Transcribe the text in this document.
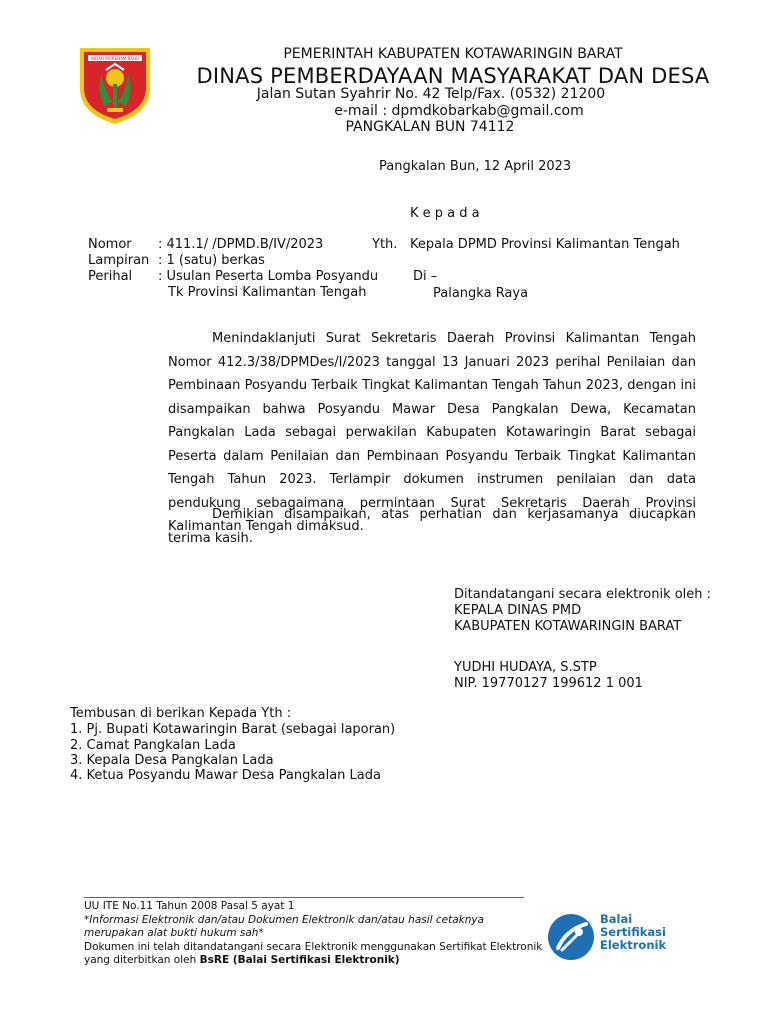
INDAH MORENAM BAHU	PEMERINTAH KABUPATEN KOTAWARINGIN BARAT
DINAS PEMBERDAYAAN MASYARAKAT DAN DESA
Jalan Sutan Syahrir No. 42 Telp/Fax. (0532) 21200
e-mail : dpmdkobarkab@gmail.com
PANGKALAN BUN 74112
Pangkalan Bun, 12 April 2023
K e p a d a
Nomor : 411.1/ /DPMD.B/IV/2023
Lampiran : 1 (satu) berkas
Perihal : Usulan Peserta Lomba Posyandu
Tk Provinsi Kalimantan Tengah
Yth. Kepala DPMD Provinsi Kalimantan Tengah
Di –
Palangka Raya
Menindaklanjuti Surat Sekretaris Daerah Provinsi Kalimantan Tengah Nomor 412.3/38/DPMDes/I/2023 tanggal 13 Januari 2023 perihal Penilaian dan Pembinaan Posyandu Terbaik Tingkat Kalimantan Tengah Tahun 2023, dengan ini disampaikan bahwa Posyandu Mawar Desa Pangkalan Dewa, Kecamatan Pangkalan Lada sebagai perwakilan Kabupaten Kotawaringin Barat sebagai Peserta dalam Penilaian dan Pembinaan Posyandu Terbaik Tingkat Kalimantan Tengah Tahun 2023. Terlampir dokumen instrumen penilaian dan data pendukung sebagaimana permintaan Surat Sekretaris Daerah Provinsi Kalimantan Tengah dimaksud.
Demikian disampaikan, atas perhatian dan kerjasamanya diucapkan terima kasih.
Ditandatangani secara elektronik oleh :
KEPALA DINAS PMD
KABUPATEN KOTAWARINGIN BARAT
YUDHI HUDAYA, S.STP
NIP. 19770127 199612 1 001
Tembusan di berikan Kepada Yth :
1. Pj. Bupati Kotawaringin Barat (sebagai laporan)
2. Camat Pangkalan Lada
3. Kepala Desa Pangkalan Lada
4. Ketua Posyandu Mawar Desa Pangkalan Lada
UU ITE No.11 Tahun 2008 Pasal 5 ayat 1
*Informasi Elektronik dan/atau Dokumen Elektronik dan/atau hasil cetaknya
merupakan alat bukti hukum sah*
Dokumen ini telah ditandatangani secara Elektronik menggunakan Sertifikat Elektronik
yang diterbitkan oleh BsRE (Balai Sertifikasi Elektronik)
Balai
Sertifikasi
Elektronik
